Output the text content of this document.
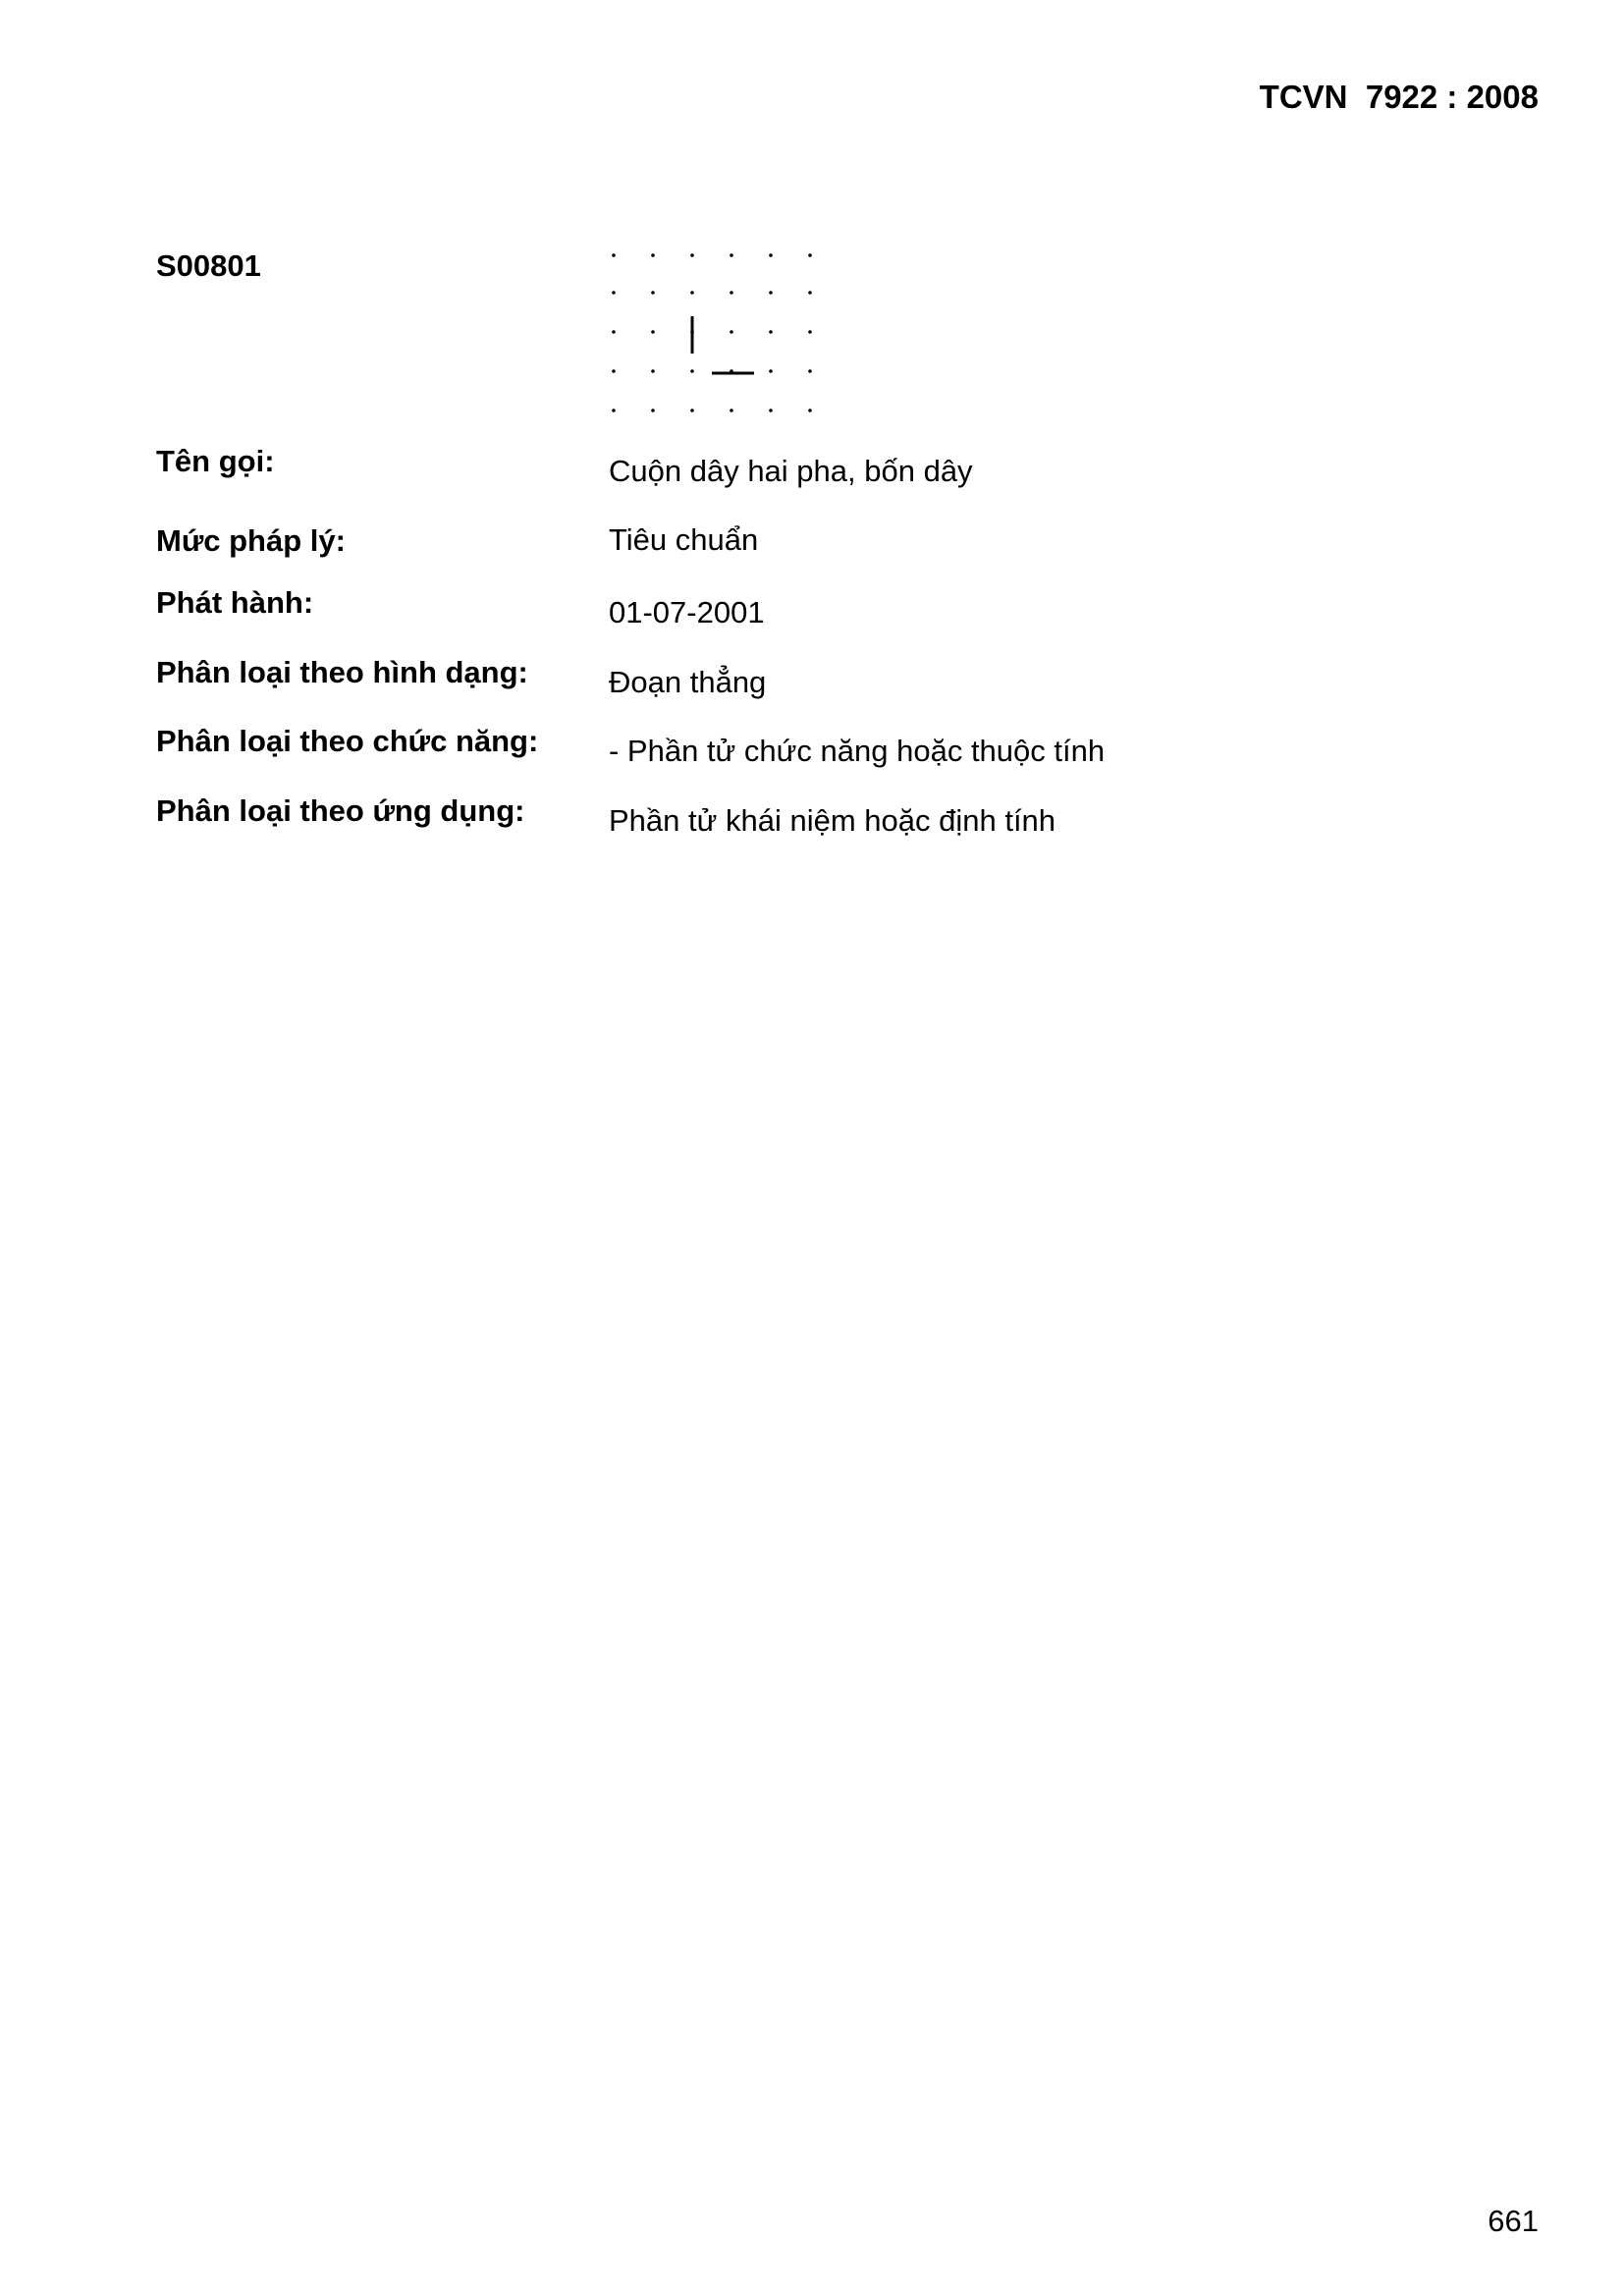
TCVN  7922 : 2008
S00801
Tên gọi:	Cuộn dây hai pha, bốn dây
Mức pháp lý:	Tiêu chuẩn
Phát hành:	01-07-2001
Phân loại theo hình dạng:	Đoạn thẳng
Phân loại theo chức năng: - Phần tử chức năng hoặc thuộc tính
Phân loại theo ứng dụng:	Phần tử khái niệm hoặc định tính
661
